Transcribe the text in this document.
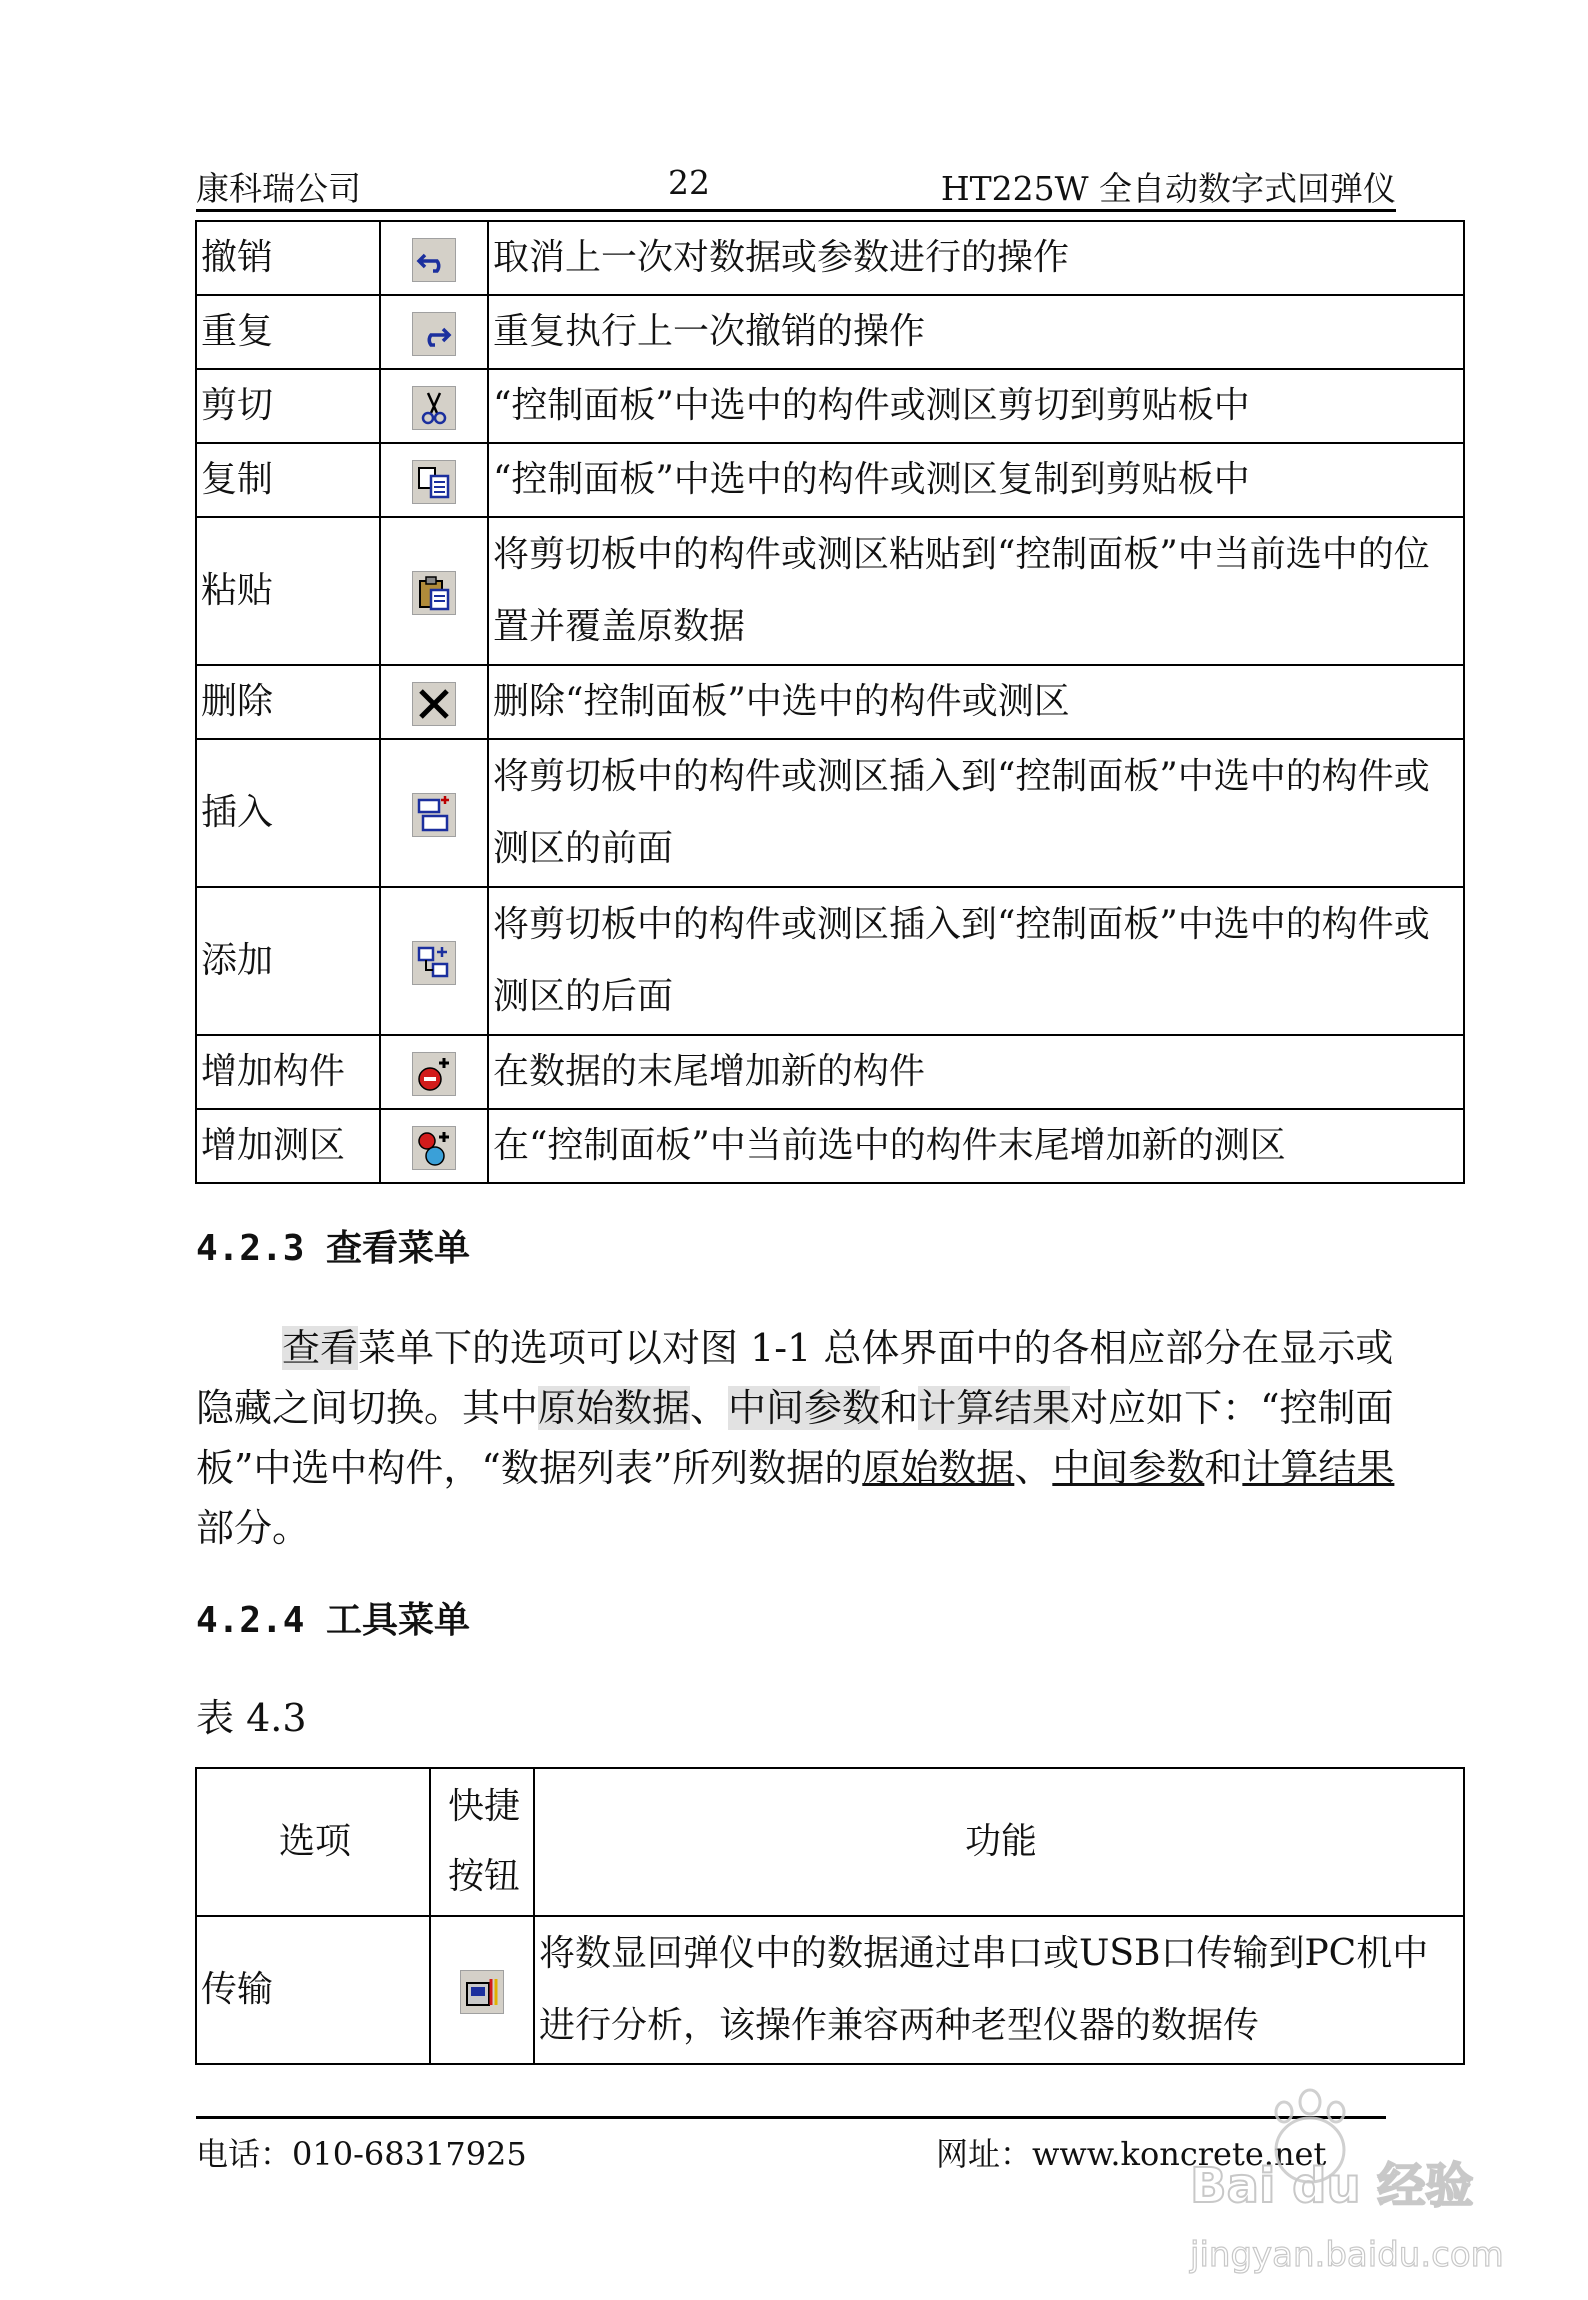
康科瑞公司	22	HT225W 全自动数字式回弹仪
撤销		取消上一次对数据或参数进行的操作
重复		重复执行上一次撤销的操作
剪切		“控制面板”中选中的构件或测区剪切到剪贴板中
复制		“控制面板”中选中的构件或测区复制到剪贴板中
粘贴		将剪切板中的构件或测区粘贴到“控制面板”中当前选中的位置并覆盖原数据
删除		删除“控制面板”中选中的构件或测区
插入		将剪切板中的构件或测区插入到“控制面板”中选中的构件或测区的前面
添加		将剪切板中的构件或测区插入到“控制面板”中选中的构件或测区的后面
增加构件		在数据的末尾增加新的构件
增加测区		在“控制面板”中当前选中的构件末尾增加新的测区
4.2.3 查看菜单
查看菜单下的选项可以对图 1-1 总体界面中的各相应部分在显示或隐藏之间切换。其中原始数据、中间参数和计算结果对应如下：“控制面板”中选中构件，“数据列表”所列数据的原始数据、中间参数和计算结果部分。
4.2.4 工具菜单
表 4.3
选项	快捷按钮	功能
传输		将数显回弹仪中的数据通过串口或USB口传输到PC机中进行分析，该操作兼容两种老型仪器的数据传
电话：010-68317925	网址：www.koncrete.net
Bai du 经验
jingyan.baidu.com
